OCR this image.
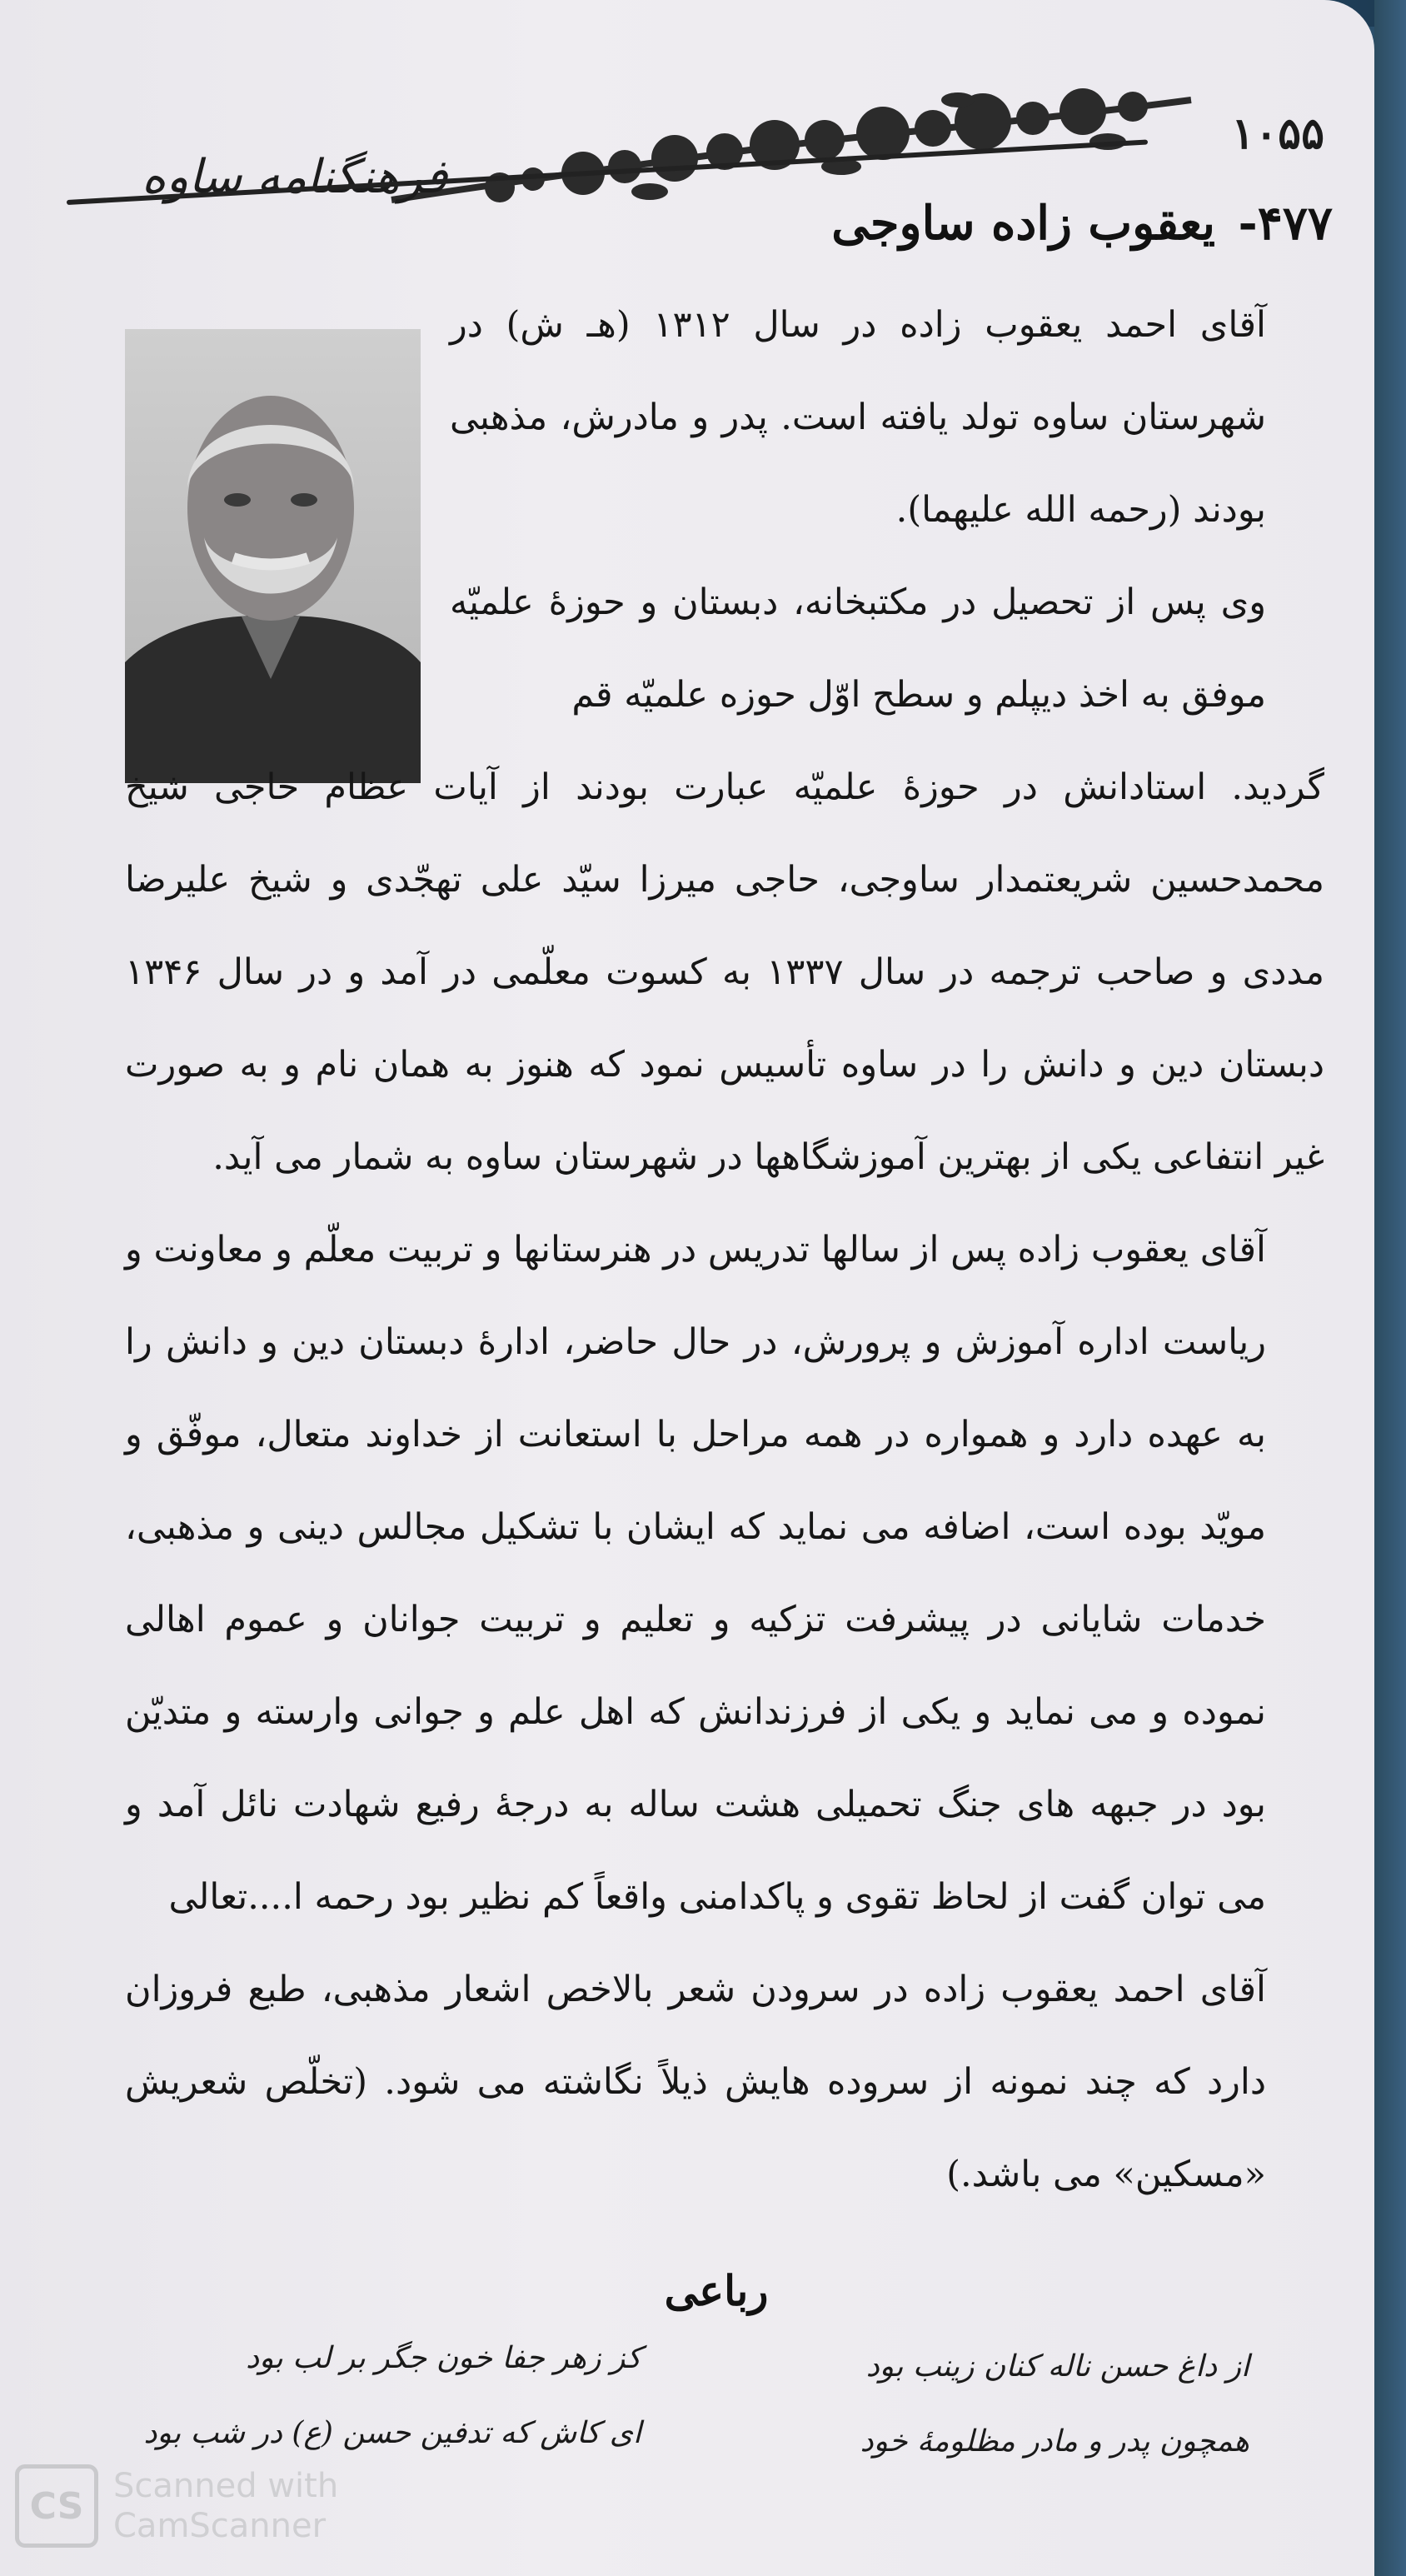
۱۰۵۵
فرهنگنامه ساوه
۴۷۷- یعقوب زاده ساوجی

آقای احمد یعقوب زاده در سال ۱۳۱۲ (هـ ش) در شهرستان ساوه تولد یافته است. پدر و مادرش، مذهبی بودند (رحمه الله علیهما).

وی پس از تحصیل در مکتبخانه، دبستان و حوزهٔ علمیّه موفق به اخذ دیپلم و سطح اوّل حوزه علمیّه قم

گردید. استادانش در حوزهٔ علمیّه عبارت بودند از آیات عظام حاجی شیخ محمدحسین شریعتمدار ساوجی، حاجی میرزا سیّد علی تهجّدی و شیخ علیرضا مددی و صاحب ترجمه در سال ۱۳۳۷ به کسوت معلّمی در آمد و در سال ۱۳۴۶ دبستان دین و دانش را در ساوه تأسیس نمود که هنوز به همان نام و به صورت غیر انتفاعی یکی از بهترین آموزشگاهها در شهرستان ساوه به شمار می آید.

آقای یعقوب زاده پس از سالها تدریس در هنرستانها و تربیت معلّم و معاونت و ریاست اداره آموزش و پرورش، در حال حاضر، ادارهٔ دبستان دین و دانش را به عهده دارد و همواره در همه مراحل با استعانت از خداوند متعال، موفّق و مویّد بوده است، اضافه می نماید که ایشان با تشکیل مجالس دینی و مذهبی، خدمات شایانی در پیشرفت تزکیه و تعلیم و تربیت جوانان و عموم اهالی نموده و می نماید و یکی از فرزندانش که اهل علم و جوانی وارسته و متدیّن بود در جبهه های جنگ تحمیلی هشت ساله به درجهٔ رفیع شهادت نائل آمد و می توان گفت از لحاظ تقوی و پاکدامنی واقعاً کم نظیر بود رحمه ا....تعالی

آقای احمد یعقوب زاده در سرودن شعر بالاخص اشعار مذهبی، طبع فروزان دارد که چند نمونه از سروده هایش ذیلاً نگاشته می شود. (تخلّص شعریش «مسکین» می باشد.)

رباعی
از داغ حسن ناله کنان زینب بود
کز زهر جفا خون جگر بر لب بود
همچون پدر و مادر مظلومهٔ خود
ای کاش که تدفین حسن (ع) در شب بود
CS Scanned with
CamScanner
